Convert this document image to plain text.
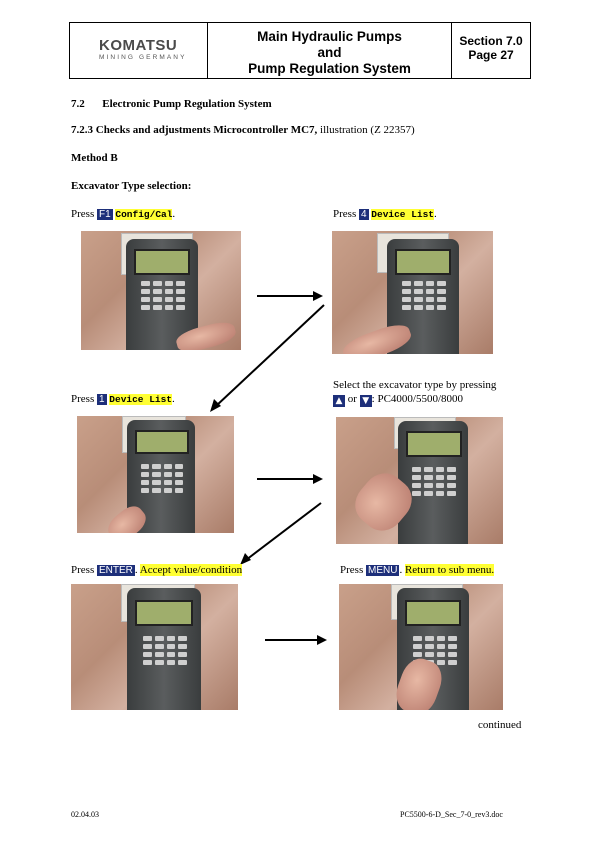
KOMATSU
MINING GERMANY
Main Hydraulic Pumps
and
Pump Regulation System
Section 7.0
Page 27
7.2 Electronic Pump Regulation System
7.2.3 Checks and adjustments Microcontroller MC7, illustration (Z 22357)
Method B
Excavator Type selection:
Press F1 Config/Cal.	Press 4 Device List.
Press 1 Device List.
Select the excavator type by pressing
▲ or ▼ : PC4000/5500/8000
Press ENTER . Accept value/condition	Press MENU . Return to sub menu.
continued
02.04.03	PC5500-6-D_Sec_7-0_rev3.doc
